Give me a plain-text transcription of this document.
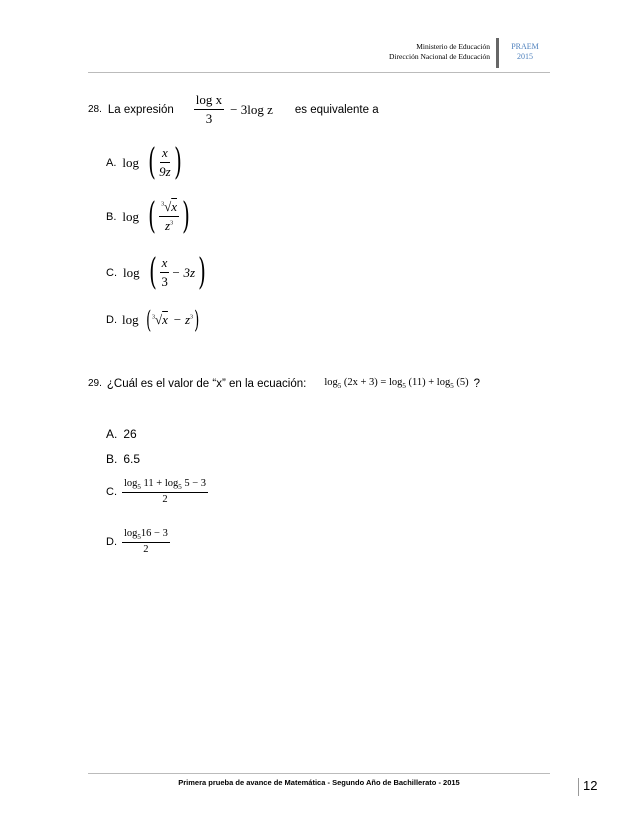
Ministerio de Educación
Dirección Nacional de Educación
PRAEM
2015
28. La expresión $\frac{\text{log x}}{3} - 3\log$ z es equivalente a
A. log ( $\frac{x}{9z}$ )
B. log ( $\frac{^3√x}{z^3}$ )
C. log ( $\frac{x}{3} - 3z$ )
D. log ( $^3√x - z^3$ )
29. ¿Cuál es el valor de “x” en la ecuación: $\log_5 (2x + 3) = \log_5 (11) + \log_5 (5)$ ?
A. 26
B. 6.5
C. $\frac{\log_5 11 + \log_5 5 - 3}{2}$
D. $\frac{\log_516 - 3}{2}$
Primera prueba de avance de Matemática - Segundo Año de Bachillerato - 2015	12
